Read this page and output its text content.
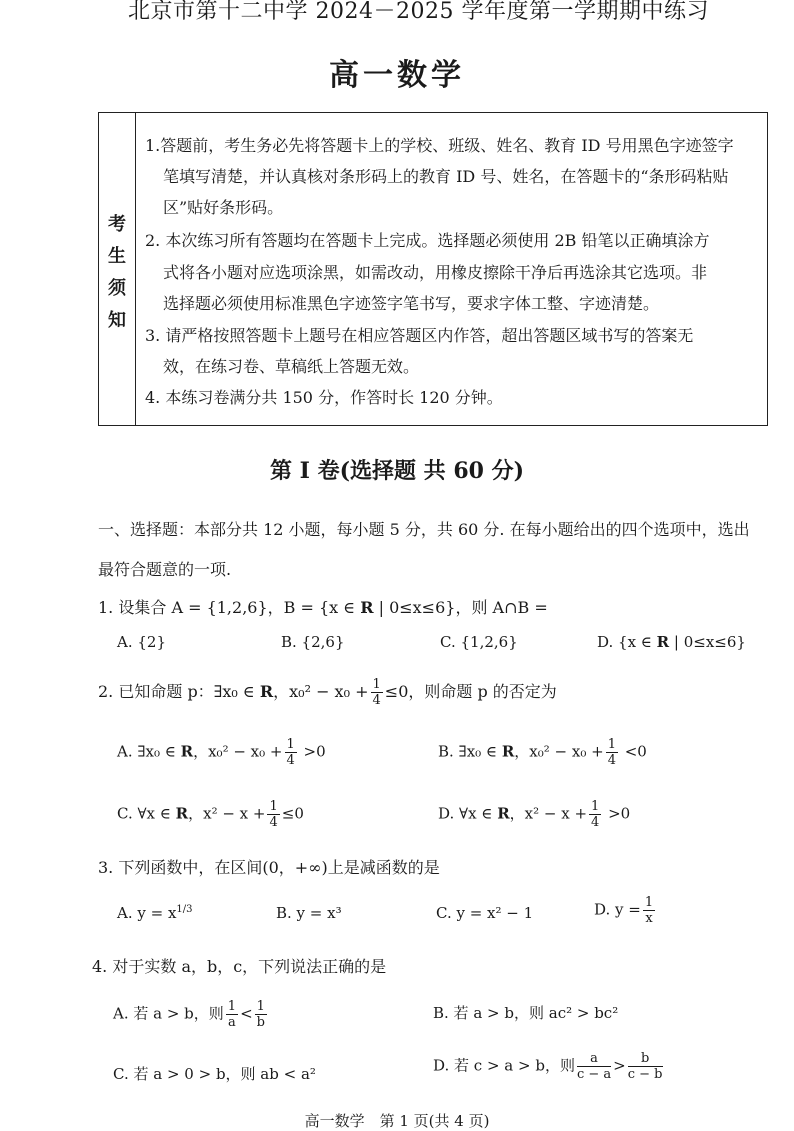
北京市第十二中学 2024－2025 学年度第一学期期中练习
高一数学
考
生
须
知
1.答题前，考生务必先将答题卡上的学校、班级、姓名、教育 ID 号用黑色字迹签字
笔填写清楚，并认真核对条形码上的教育 ID 号、姓名，在答题卡的“条形码粘贴
区”贴好条形码。
2. 本次练习所有答题均在答题卡上完成。选择题必须使用 2B 铅笔以正确填涂方
式将各小题对应选项涂黑，如需改动，用橡皮擦除干净后再选涂其它选项。非
选择题必须使用标准黑色字迹签字笔书写，要求字体工整、字迹清楚。
3. 请严格按照答题卡上题号在相应答题区内作答，超出答题区域书写的答案无
效，在练习卷、草稿纸上答题无效。
4. 本练习卷满分共 150 分，作答时长 120 分钟。
第 I 卷(选择题 共 60 分)
一、选择题：本部分共 12 小题，每小题 5 分，共 60 分. 在每小题给出的四个选项中，选出
最符合题意的一项.
1. 设集合 A = {1,2,6}，B = {x ∈ R | 0≤x≤6}，则 A∩B =
A. {2}	B. {2,6}	C. {1,2,6}	D. {x ∈ R | 0≤x≤6}
2. 已知命题 p：∃x₀ ∈ R，$x_0^2 - x_0 + \frac{1}{4} \le 0$，则命题 p 的否定为
A. ∃x₀ ∈ R，$x_0^2 - x_0 + \frac{1}{4} >0$	B. ∃x₀ ∈ R，$x_0^2 - x_0 + \frac{1}{4} <0$
C. ∀x ∈ R，$x^2 - x + \frac{1}{4} \le 0$	D. ∀x ∈ R，$x^2 - x + \frac{1}{4} >0$
3. 下列函数中，在区间(0，+∞)上是减函数的是
A. $y = x^{1/3}$	B. y = x³	C. y = x² − 1	D. $y = \frac{1}{x}$
4. 对于实数 a，b，c，下列说法正确的是
A. 若 a > b，则 $\frac{1}{a} < \frac{1}{b}$	B. 若 a > b，则 ac² > bc²
C. 若 a > 0 > b，则 ab < a²	D. 若 c > a > b，则 $\frac{a}{c - a} > \frac{b}{c - b}$
高一数学　第 1 页(共 4 页)
